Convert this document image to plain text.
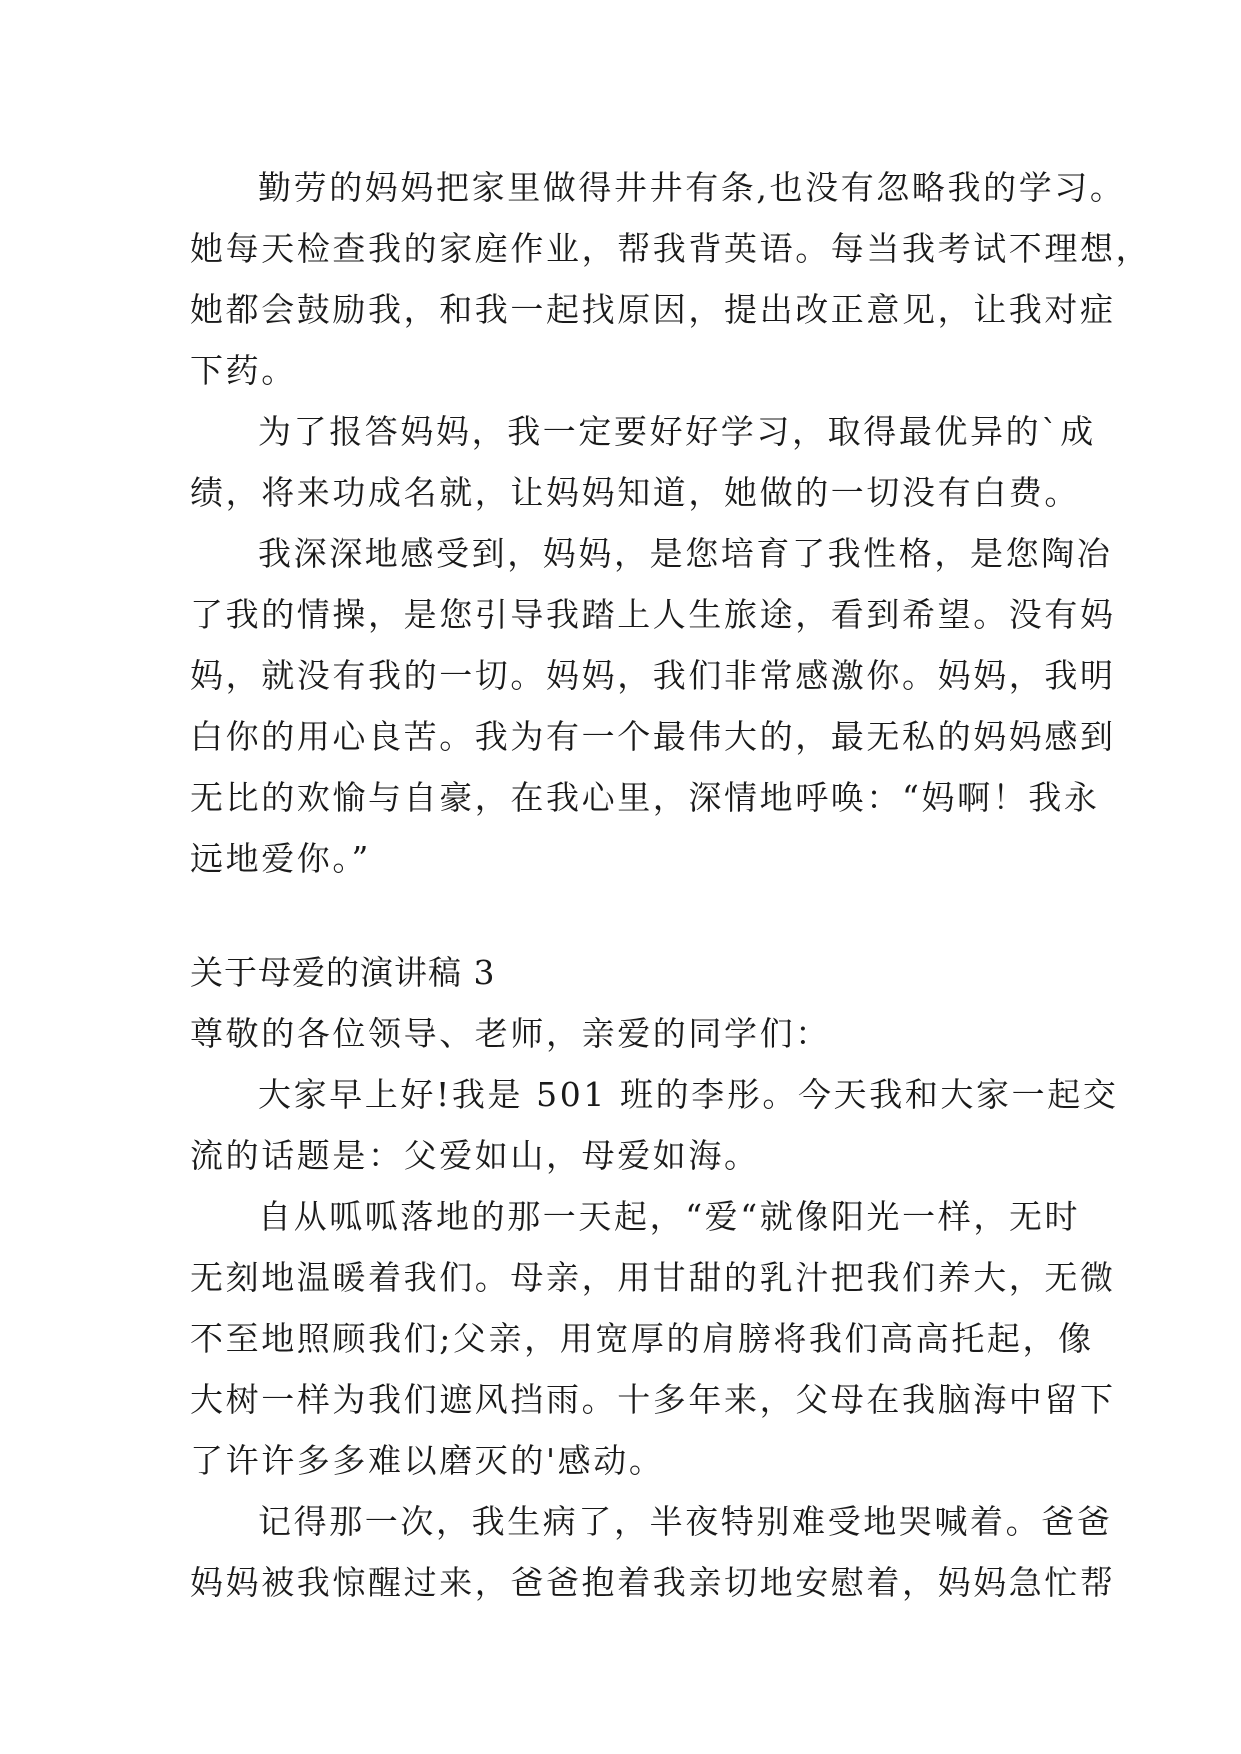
勤劳的妈妈把家里做得井井有条,也没有忽略我的学习。
她每天检查我的家庭作业，帮我背英语。每当我考试不理想，
她都会鼓励我，和我一起找原因，提出改正意见，让我对症
下药。
为了报答妈妈，我一定要好好学习，取得最优异的`成
绩，将来功成名就，让妈妈知道，她做的一切没有白费。
我深深地感受到，妈妈，是您培育了我性格，是您陶冶
了我的情操，是您引导我踏上人生旅途，看到希望。没有妈
妈，就没有我的一切。妈妈，我们非常感激你。妈妈，我明
白你的用心良苦。我为有一个最伟大的，最无私的妈妈感到
无比的欢愉与自豪，在我心里，深情地呼唤：“妈啊！我永
远地爱你。”
关于母爱的演讲稿 3
尊敬的各位领导、老师，亲爱的同学们：
大家早上好!我是 501 班的李彤。今天我和大家一起交
流的话题是：父爱如山，母爱如海。
自从呱呱落地的那一天起，“爱“就像阳光一样，无时
无刻地温暖着我们。母亲，用甘甜的乳汁把我们养大，无微
不至地照顾我们;父亲，用宽厚的肩膀将我们高高托起，像
大树一样为我们遮风挡雨。十多年来，父母在我脑海中留下
了许许多多难以磨灭的'感动。
记得那一次，我生病了，半夜特别难受地哭喊着。爸爸
妈妈被我惊醒过来，爸爸抱着我亲切地安慰着，妈妈急忙帮
